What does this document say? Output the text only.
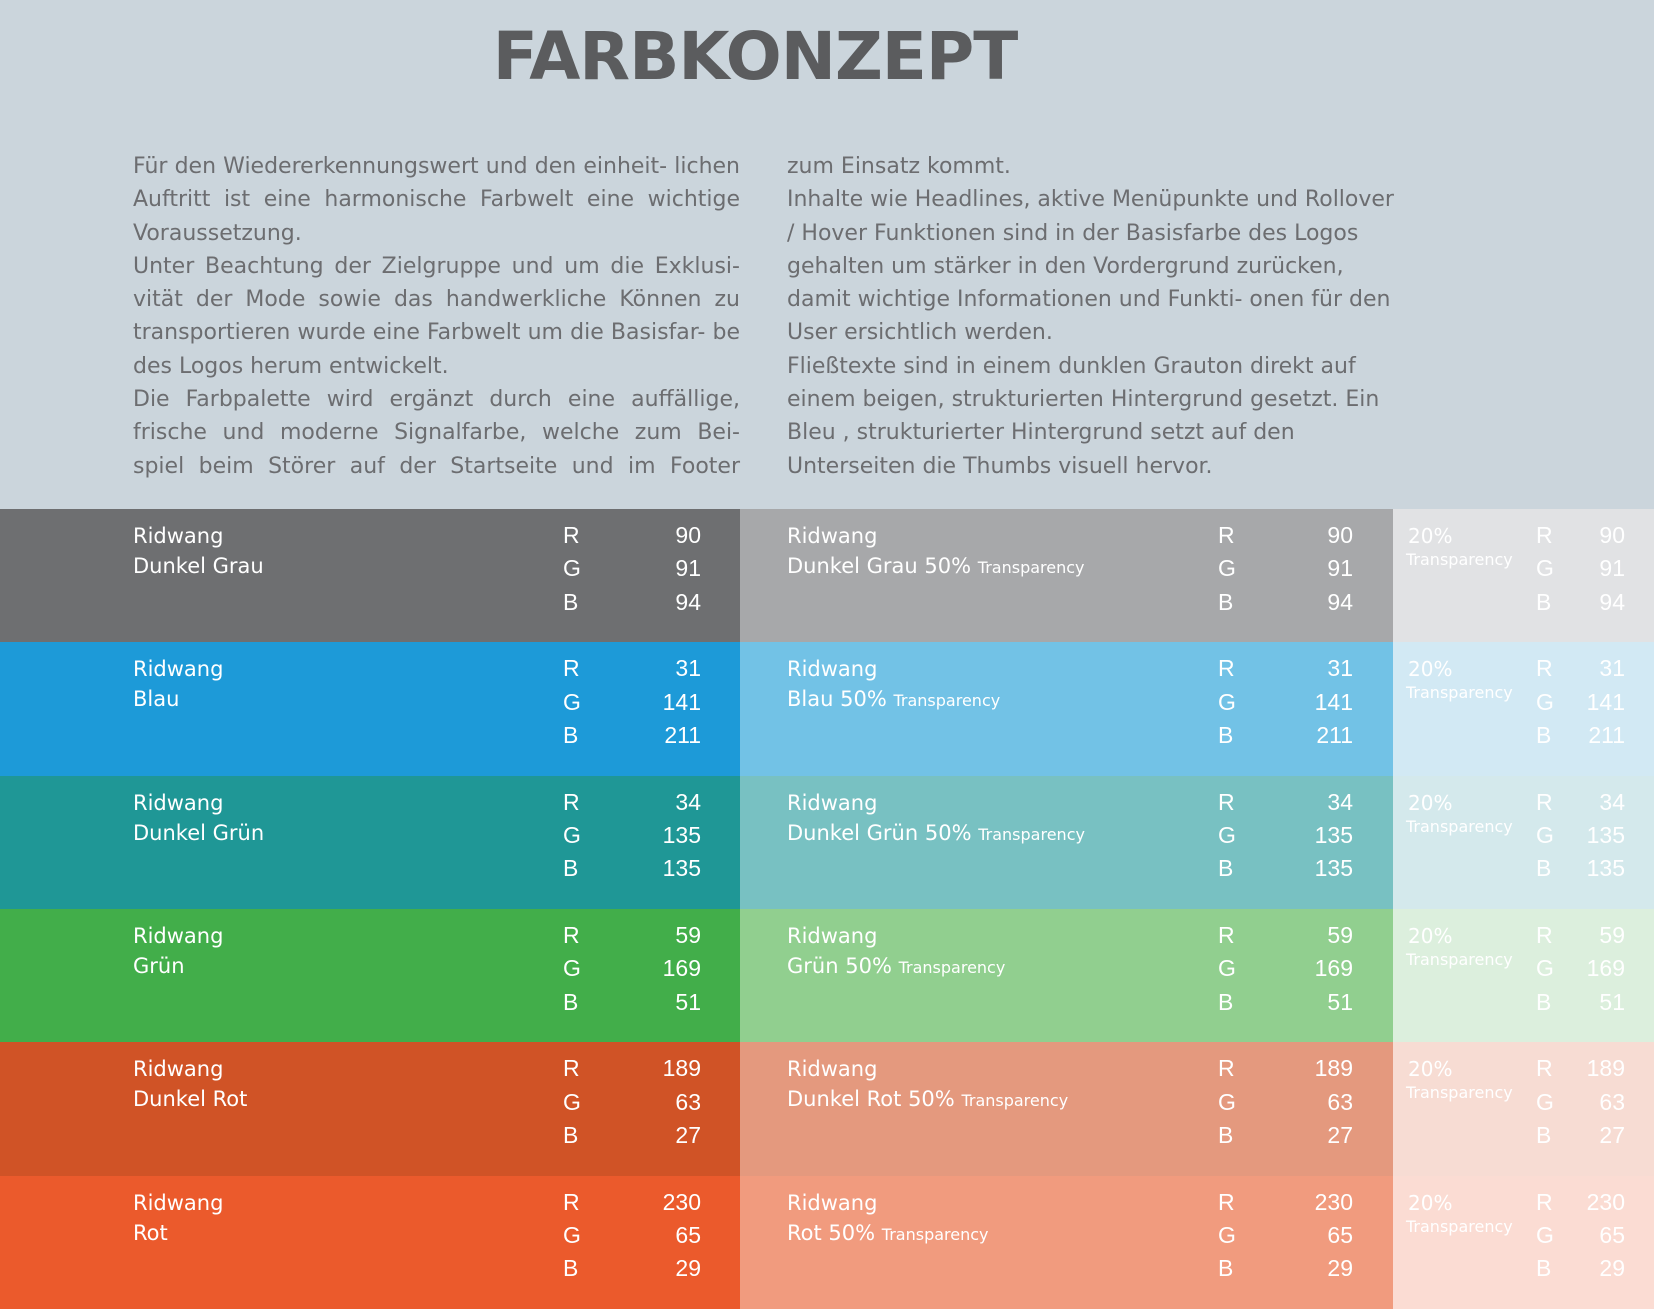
FARBKONZEPT

Für den Wiedererkennungswert und den einheit- lichen Auftritt ist eine harmonische Farbwelt eine wichtige Voraussetzung.

Unter Beachtung der Zielgruppe und um die Exklusi- vität der Mode sowie das handwerkliche Können zu transportieren wurde eine Farbwelt um die Basisfar- be des Logos herum entwickelt.

Die Farbpalette wird ergänzt durch eine auffällige, frische und moderne Signalfarbe, welche zum Bei- spiel beim Störer auf der Startseite und im Footer

zum Einsatz kommt.

Inhalte wie Headlines, aktive Menüpunkte und Rollover / Hover Funktionen sind in der Basisfarbe des Logos gehalten um stärker in den Vordergrund zurücken, damit wichtige Informationen und Funkti- onen für den User ersichtlich werden.

Fließtexte sind in einem dunklen Grauton direkt auf einem beigen, strukturierten Hintergrund gesetzt. Ein Bleu , strukturierter Hintergrund setzt auf den Unterseiten die Thumbs visuell hervor.

Ridwang
Dunkel Grau
R	90
G	91
B	94
Ridwang
Dunkel Grau 50% Transparency
R	90
G	91
B	94
20%
Transparency
R 90
G 91
B 94
Ridwang
Blau
R	31
G	141
B	211
Ridwang
Blau 50% Transparency
R	31
G	141
B	211
20%
Transparency
R 31
G 141
B 211
Ridwang
Dunkel Grün
R	34
G	135
B	135
Ridwang
Dunkel Grün 50% Transparency
R	34
G	135
B	135
20%
Transparency
R 34
G 135
B 135
Ridwang
Grün
R	59
G	169
B	51
Ridwang
Grün 50% Transparency
R	59
G	169
B	51
20%
Transparency
R 59
G 169
B 51
Ridwang
Dunkel Rot
R	189
G	63
B	27
Ridwang
Dunkel Rot 50% Transparency
R	189
G	63
B	27
20%
Transparency
R 189
G 63
B 27
Ridwang
Rot
R	230
G	65
B	29
Ridwang
Rot 50% Transparency
R	230
G	65
B	29
20%
Transparency
R 230
G 65
B 29
